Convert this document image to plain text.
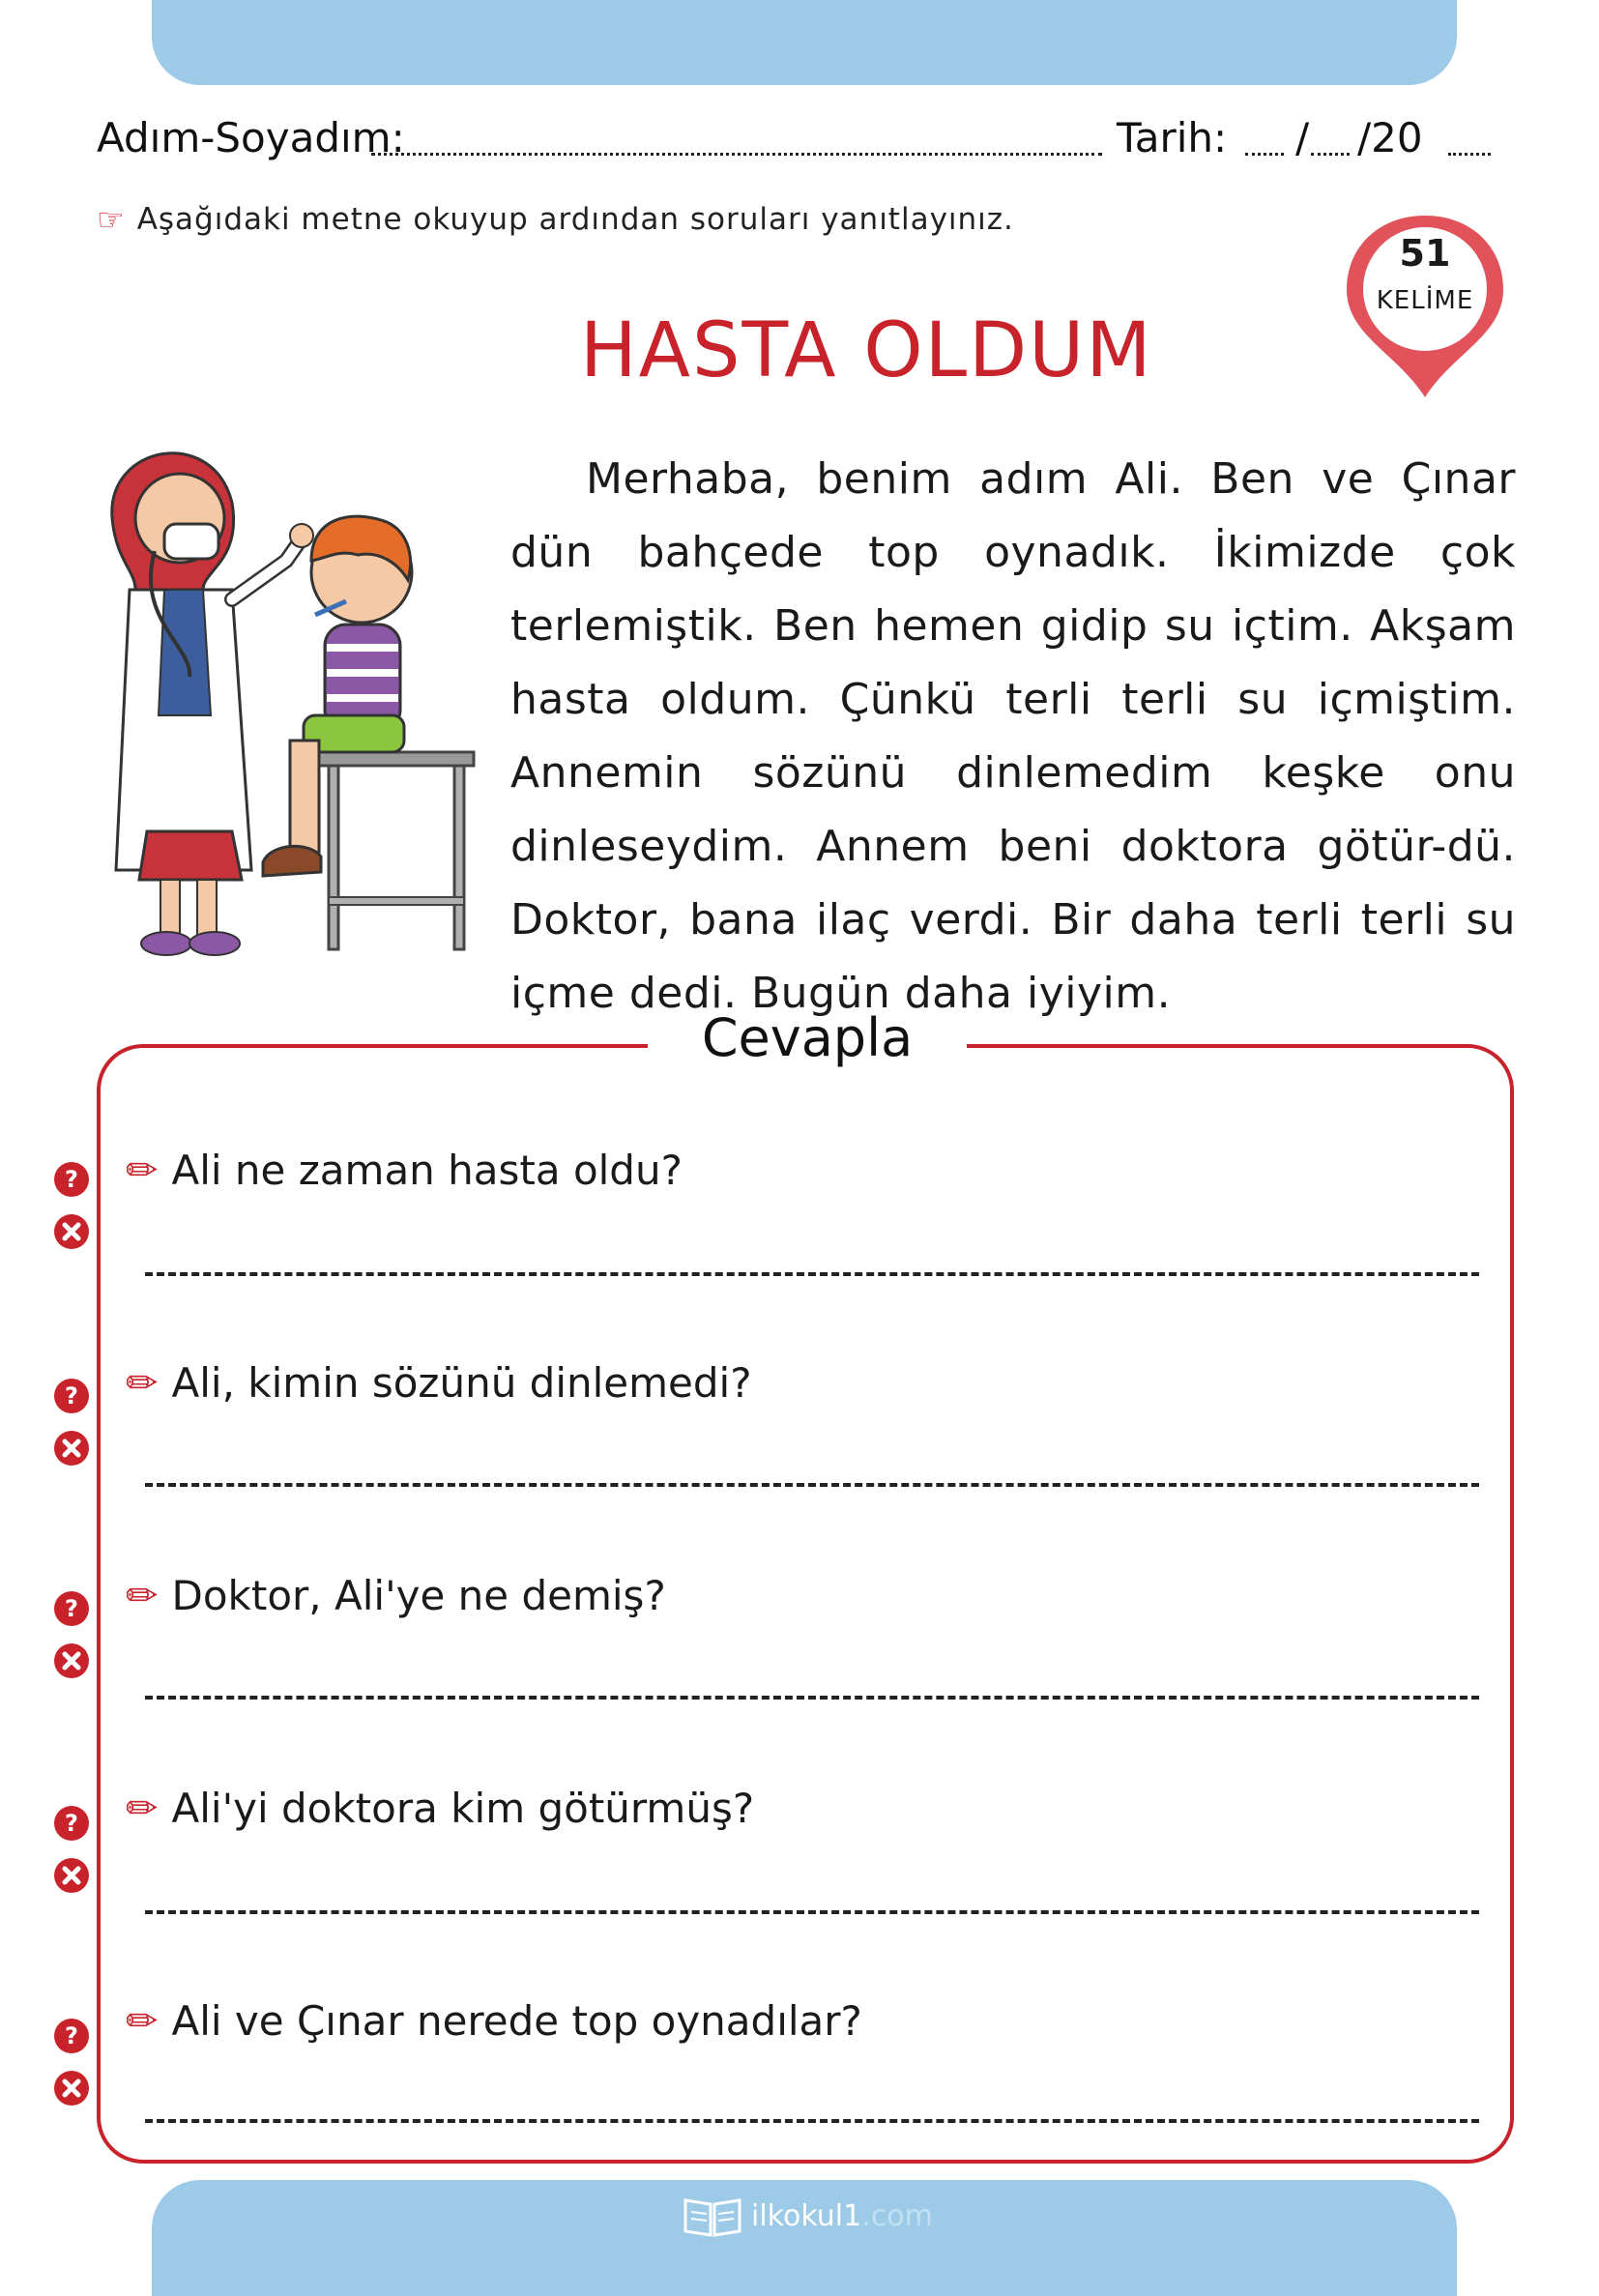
Adım-Soyadım:	Tarih: / /20
☞ Aşağıdaki metne okuyup ardından soruları yanıtlayınız.
51
KELİME
HASTA OLDUM
Merhaba, benim adım Ali. Ben ve Çınar dün bahçede top oynadık. İkimizde çok terlemiştik. Ben hemen gidip su içtim. Akşam hasta oldum. Çünkü terli terli su içmiştim. Annemin sözünü dinlemedim keşke onu dinleseydim. Annem beni doktora götür-dü. Doktor, bana ilaç verdi. Bir daha terli terli su içme dedi. Bugün daha iyiyim.
Cevapla
? ✏ Ali ne zaman hasta oldu?
? ✏ Ali, kimin sözünü dinlemedi?
? ✏ Doktor, Ali'ye ne demiş?
? ✏ Ali'yi doktora kim götürmüş?
? ✏ Ali ve Çınar nerede top oynadılar?
ilkokul1.com
